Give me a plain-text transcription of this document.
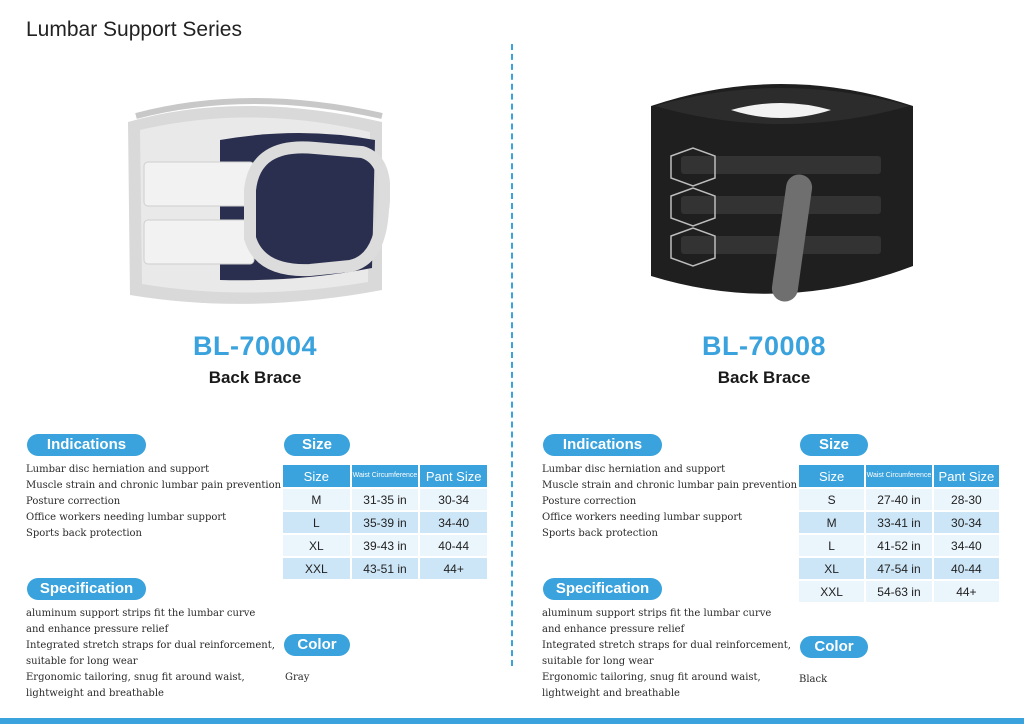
Lumbar Support Series
BL-70004
Back Brace
Indications
Lumbar disc herniation and support
Muscle strain and chronic lumbar pain prevention
Posture correction
Office workers needing lumbar support
Sports back protection
Specification
aluminum support strips fit the lumbar curve
and enhance pressure relief
Integrated stretch straps for dual reinforcement,
suitable for long wear
Ergonomic tailoring, snug fit around waist,
lightweight and breathable
Size
Size	Waist Circumference	Pant Size
M	31-35 in	30-34
L	35-39 in	34-40
XL	39-43 in	40-44
XXL	43-51 in	44+
Color
Gray
BL-70008
Back Brace
Indications
Lumbar disc herniation and support
Muscle strain and chronic lumbar pain prevention
Posture correction
Office workers needing lumbar support
Sports back protection
Specification
aluminum support strips fit the lumbar curve
and enhance pressure relief
Integrated stretch straps for dual reinforcement,
suitable for long wear
Ergonomic tailoring, snug fit around waist,
lightweight and breathable
Size
Size	Waist Circumference	Pant Size
S	27-40 in	28-30
M	33-41 in	30-34
L	41-52 in	34-40
XL	47-54 in	40-44
XXL	54-63 in	44+
Color
Black
